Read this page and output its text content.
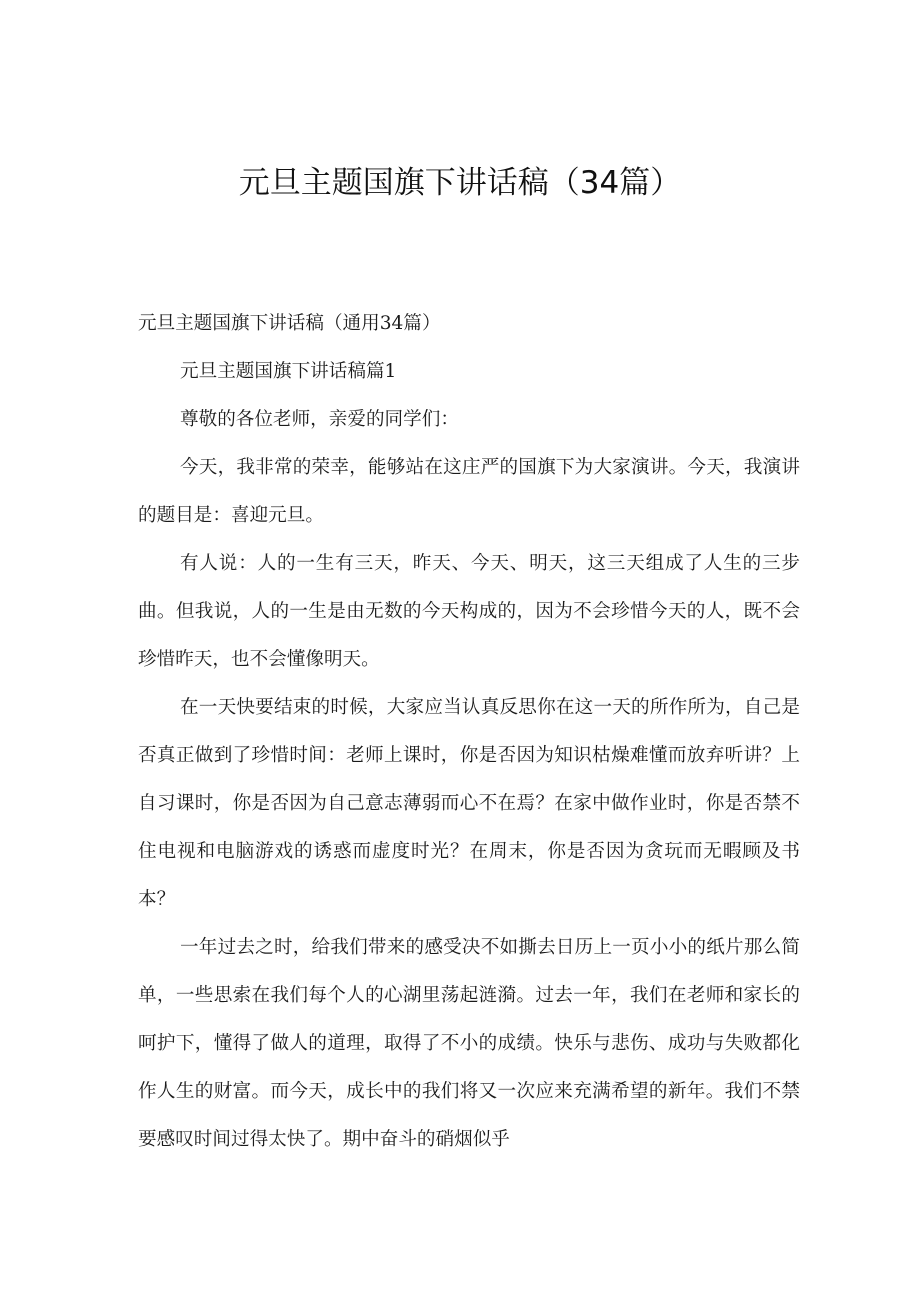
元旦主题国旗下讲话稿（34篇）

元旦主题国旗下讲话稿（通用34篇）

元旦主题国旗下讲话稿篇1

尊敬的各位老师，亲爱的同学们：

今天，我非常的荣幸，能够站在这庄严的国旗下为大家演讲。今天，我演讲的题目是：喜迎元旦。

有人说：人的一生有三天，昨天、今天、明天，这三天组成了人生的三步曲。但我说，人的一生是由无数的今天构成的，因为不会珍惜今天的人，既不会珍惜昨天，也不会懂像明天。

在一天快要结束的时候，大家应当认真反思你在这一天的所作所为，自己是否真正做到了珍惜时间：老师上课时，你是否因为知识枯燥难懂而放弃听讲？上自习课时，你是否因为自己意志薄弱而心不在焉？在家中做作业时，你是否禁不住电视和电脑游戏的诱惑而虚度时光？在周末，你是否因为贪玩而无暇顾及书本？

一年过去之时，给我们带来的感受决不如撕去日历上一页小小的纸片那么简单，一些思索在我们每个人的心湖里荡起涟漪。过去一年，我们在老师和家长的呵护下，懂得了做人的道理，取得了不小的成绩。快乐与悲伤、成功与失败都化作人生的财富。而今天，成长中的我们将又一次应来充满希望的新年。我们不禁要感叹时间过得太快了。期中奋斗的硝烟似乎
